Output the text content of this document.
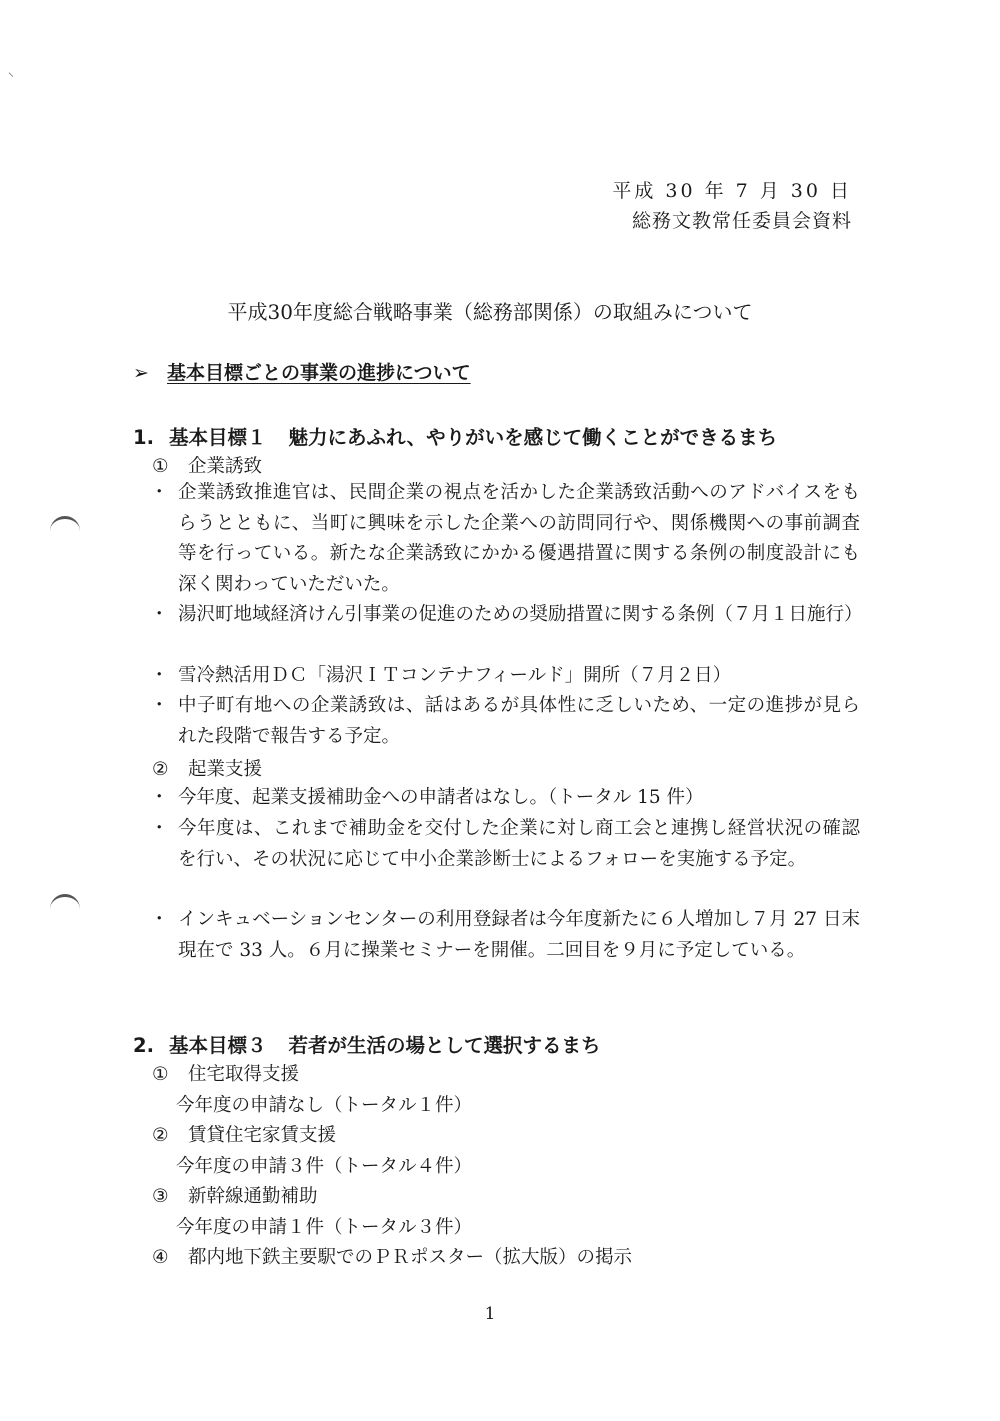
⸌
平成 30 年 7 月 30 日
総務文教常任委員会資料
平成30年度総合戦略事業（総務部関係）の取組みについて
➢ 基本目標ごとの事業の進捗について
1. 基本目標１ 魅力にあふれ、やりがいを感じて働くことができるまち
① 企業誘致
・ 企業誘致推進官は、民間企業の視点を活かした企業誘致活動へのアドバイスをもらうとともに、当町に興味を示した企業への訪問同行や、関係機関への事前調査等を行っている。新たな企業誘致にかかる優遇措置に関する条例の制度設計にも深く関わっていただいた。
・ 湯沢町地域経済けん引事業の促進のための奨励措置に関する条例（７月１日施行）
・ 雪冷熱活用ＤＣ「湯沢ＩＴコンテナフィールド」開所（７月２日）
・ 中子町有地への企業誘致は、話はあるが具体性に乏しいため、一定の進捗が見られた段階で報告する予定。
② 起業支援
・ 今年度、起業支援補助金への申請者はなし。（トータル 15 件）
・ 今年度は、これまで補助金を交付した企業に対し商工会と連携し経営状況の確認を行い、その状況に応じて中小企業診断士によるフォローを実施する予定。
・ インキュベーションセンターの利用登録者は今年度新たに６人増加し７月 27 日末現在で 33 人。６月に操業セミナーを開催。二回目を９月に予定している。
2. 基本目標３ 若者が生活の場として選択するまち
① 住宅取得支援
今年度の申請なし（トータル１件）
② 賃貸住宅家賃支援
今年度の申請３件（トータル４件）
③ 新幹線通勤補助
今年度の申請１件（トータル３件）
④ 都内地下鉄主要駅でのＰＲポスター（拡大版）の掲示
1
